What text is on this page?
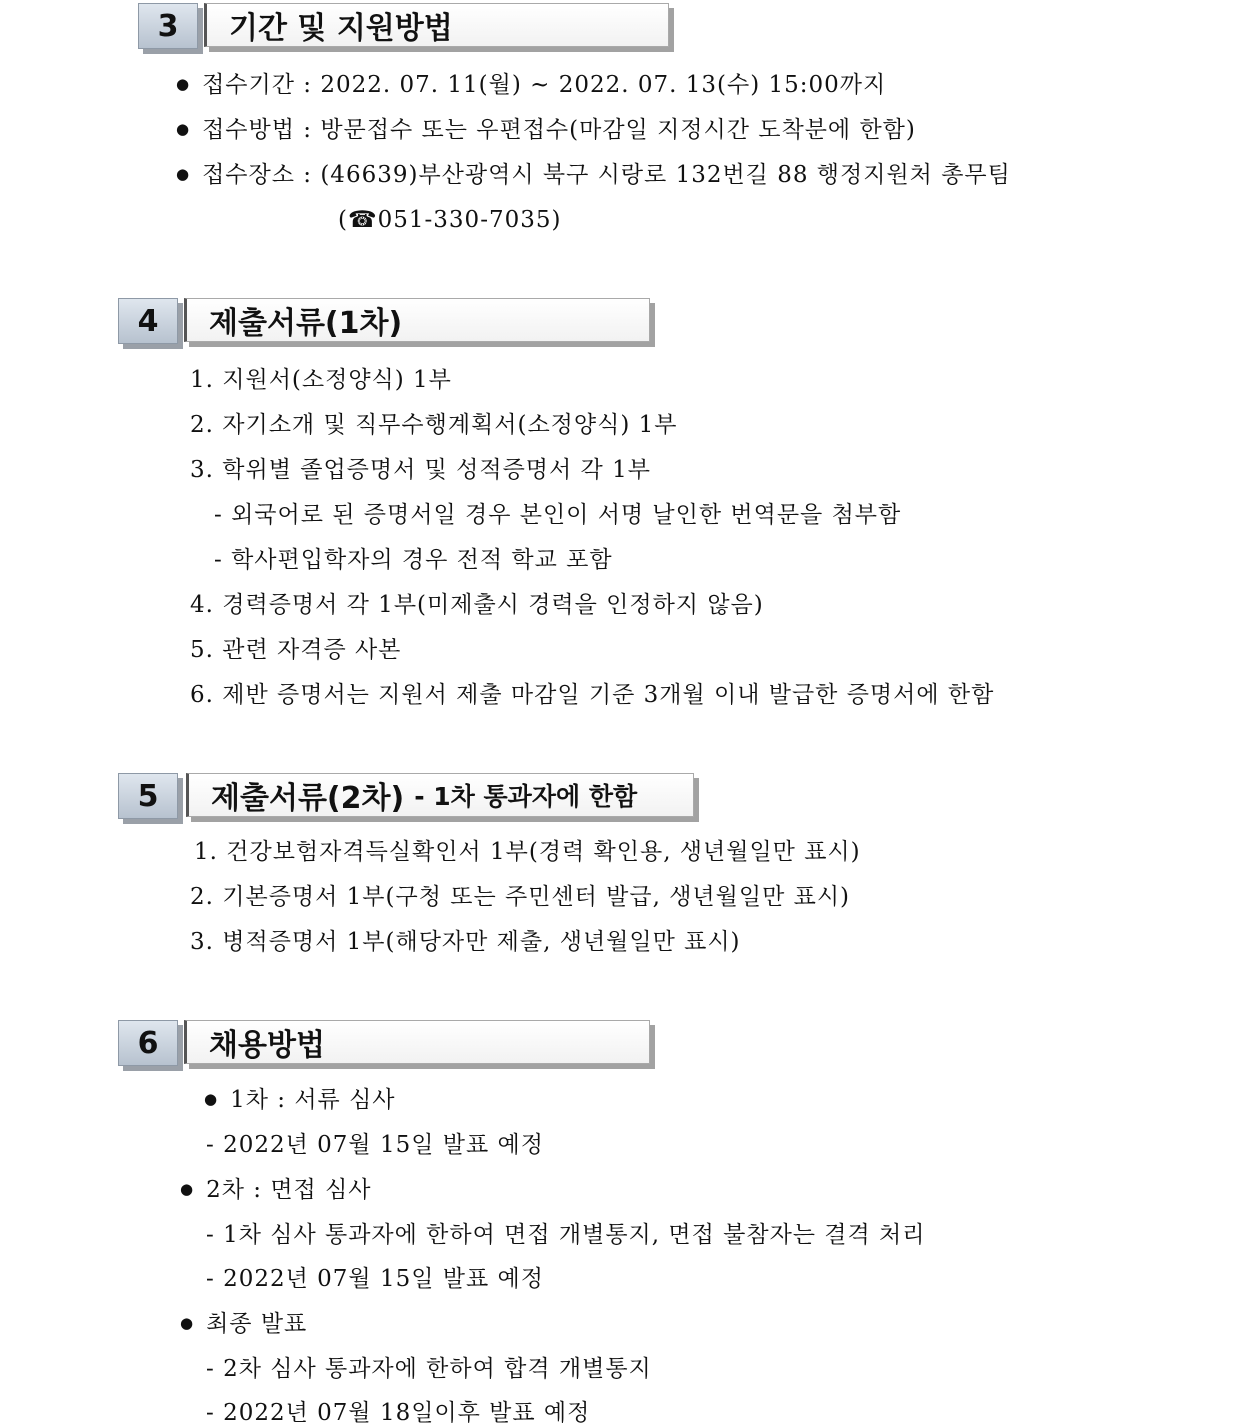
3	기간 및 지원방법
● 접수기간 : 2022. 07. 11(월) ~ 2022. 07. 13(수) 15:00까지
● 접수방법 : 방문접수 또는 우편접수(마감일 지정시간 도착분에 한함)
● 접수장소 : (46639)부산광역시 북구 시랑로 132번길 88 행정지원처 총무팀
(☎051-330-7035)
4	제출서류(1차)
1. 지원서(소정양식) 1부
2. 자기소개 및 직무수행계획서(소정양식) 1부
3. 학위별 졸업증명서 및 성적증명서 각 1부
- 외국어로 된 증명서일 경우 본인이 서명 날인한 번역문을 첨부함
- 학사편입학자의 경우 전적 학교 포함
4. 경력증명서 각 1부(미제출시 경력을 인정하지 않음)
5. 관련 자격증 사본
6. 제반 증명서는 지원서 제출 마감일 기준 3개월 이내 발급한 증명서에 한함
5	제출서류(2차) - 1차 통과자에 한함
1. 건강보험자격득실확인서 1부(경력 확인용, 생년월일만 표시)
2. 기본증명서 1부(구청 또는 주민센터 발급, 생년월일만 표시)
3. 병적증명서 1부(해당자만 제출, 생년월일만 표시)
6	채용방법
● 1차 : 서류 심사
- 2022년 07월 15일 발표 예정
● 2차 : 면접 심사
- 1차 심사 통과자에 한하여 면접 개별통지, 면접 불참자는 결격 처리
- 2022년 07월 15일 발표 예정
● 최종 발표
- 2차 심사 통과자에 한하여 합격 개별통지
- 2022년 07월 18일이후 발표 예정
